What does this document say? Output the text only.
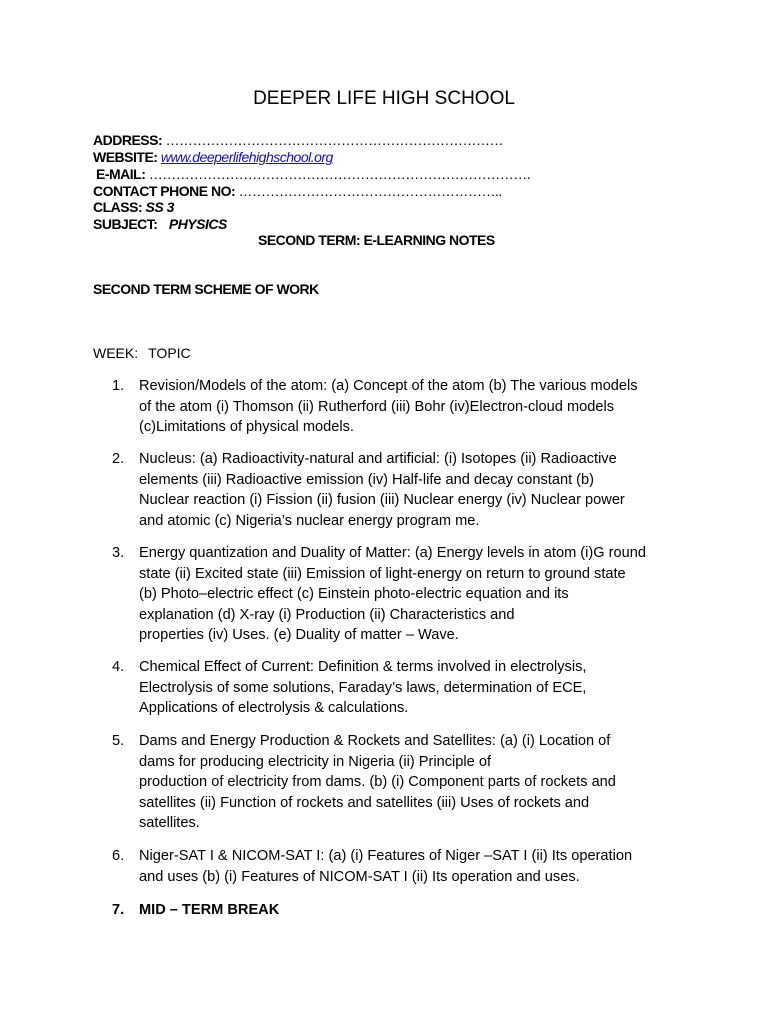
DEEPER LIFE HIGH SCHOOL
ADDRESS: …………………………………………………………………
WEBSITE: www.deeperlifehighschool.org
E-MAIL: ………………………………………………………………………….
CONTACT PHONE NO: …………………………………………………..
CLASS: SS 3
SUBJECT: PHYSICS
SECOND TERM: E-LEARNING NOTES
SECOND TERM SCHEME OF WORK
WEEK: TOPIC
1.	Revision/Models of the atom: (a) Concept of the atom (b) The various models
of the atom (i) Thomson (ii) Rutherford (iii) Bohr (iv)Electron-cloud models
(c)Limitations of physical models.
2.	Nucleus: (a) Radioactivity-natural and artificial: (i) Isotopes (ii) Radioactive
elements (iii) Radioactive emission (iv) Half-life and decay constant (b)
Nuclear reaction (i) Fission (ii) fusion (iii) Nuclear energy (iv) Nuclear power
and atomic (c) Nigeria’s nuclear energy program me.
3.	Energy quantization and Duality of Matter: (a) Energy levels in atom (i)G round
state (ii) Excited state (iii) Emission of light-energy on return to ground state
(b) Photo–electric effect (c) Einstein photo-electric equation and its
explanation (d) X-ray (i) Production (ii) Characteristics and
properties (iv) Uses. (e) Duality of matter – Wave.
4.	Chemical Effect of Current: Definition & terms involved in electrolysis,
Electrolysis of some solutions, Faraday’s laws, determination of ECE,
Applications of electrolysis & calculations.
5.	Dams and Energy Production & Rockets and Satellites: (a) (i) Location of
dams for producing electricity in Nigeria (ii) Principle of
production of electricity from dams. (b) (i) Component parts of rockets and
satellites (ii) Function of rockets and satellites (iii) Uses of rockets and
satellites.
6.	Niger-SAT I & NICOM-SAT I: (a) (i) Features of Niger –SAT I (ii) Its operation
and uses (b) (i) Features of NICOM-SAT I (ii) Its operation and uses.
7.	MID – TERM BREAK
